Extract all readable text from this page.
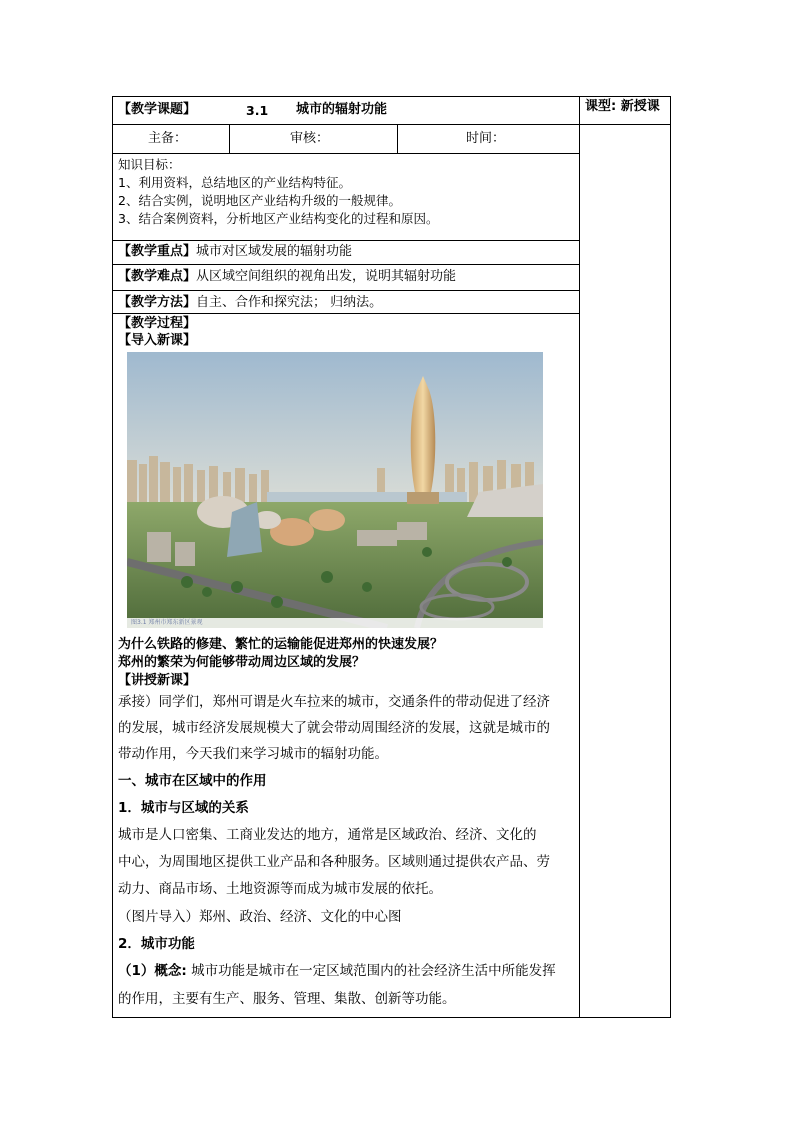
【教学课题】	3.1 城市的辐射功能	课型: 新授课
主备：	审核：	时间：
知识目标：
1、利用资料，总结地区的产业结构特征。
2、结合实例，说明地区产业结构升级的一般规律。
3、结合案例资料，分析地区产业结构变化的过程和原因。
【教学重点】城市对区域发展的辐射功能
【教学难点】从区域空间组织的视角出发，说明其辐射功能
【教学方法】自主、合作和探究法； 归纳法。
【教学过程】
【导入新课】
图3.1 郑州市郑东新区景观
为什么铁路的修建、繁忙的运输能促进郑州的快速发展？
郑州的繁荣为何能够带动周边区域的发展？
【讲授新课】
承接）同学们，郑州可谓是火车拉来的城市，交通条件的带动促进了经济
的发展，城市经济发展规模大了就会带动周围经济的发展，这就是城市的
带动作用，今天我们来学习城市的辐射功能。
一、城市在区域中的作用
1．城市与区域的关系
城市是人口密集、工商业发达的地方，通常是区域政治、经济、文化的
中心，为周围地区提供工业产品和各种服务。区域则通过提供农产品、劳
动力、商品市场、土地资源等而成为城市发展的依托。
（图片导入）郑州、政治、经济、文化的中心图
2．城市功能
（1）概念: 城市功能是城市在一定区域范围内的社会经济生活中所能发挥
的作用，主要有生产、服务、管理、集散、创新等功能。
